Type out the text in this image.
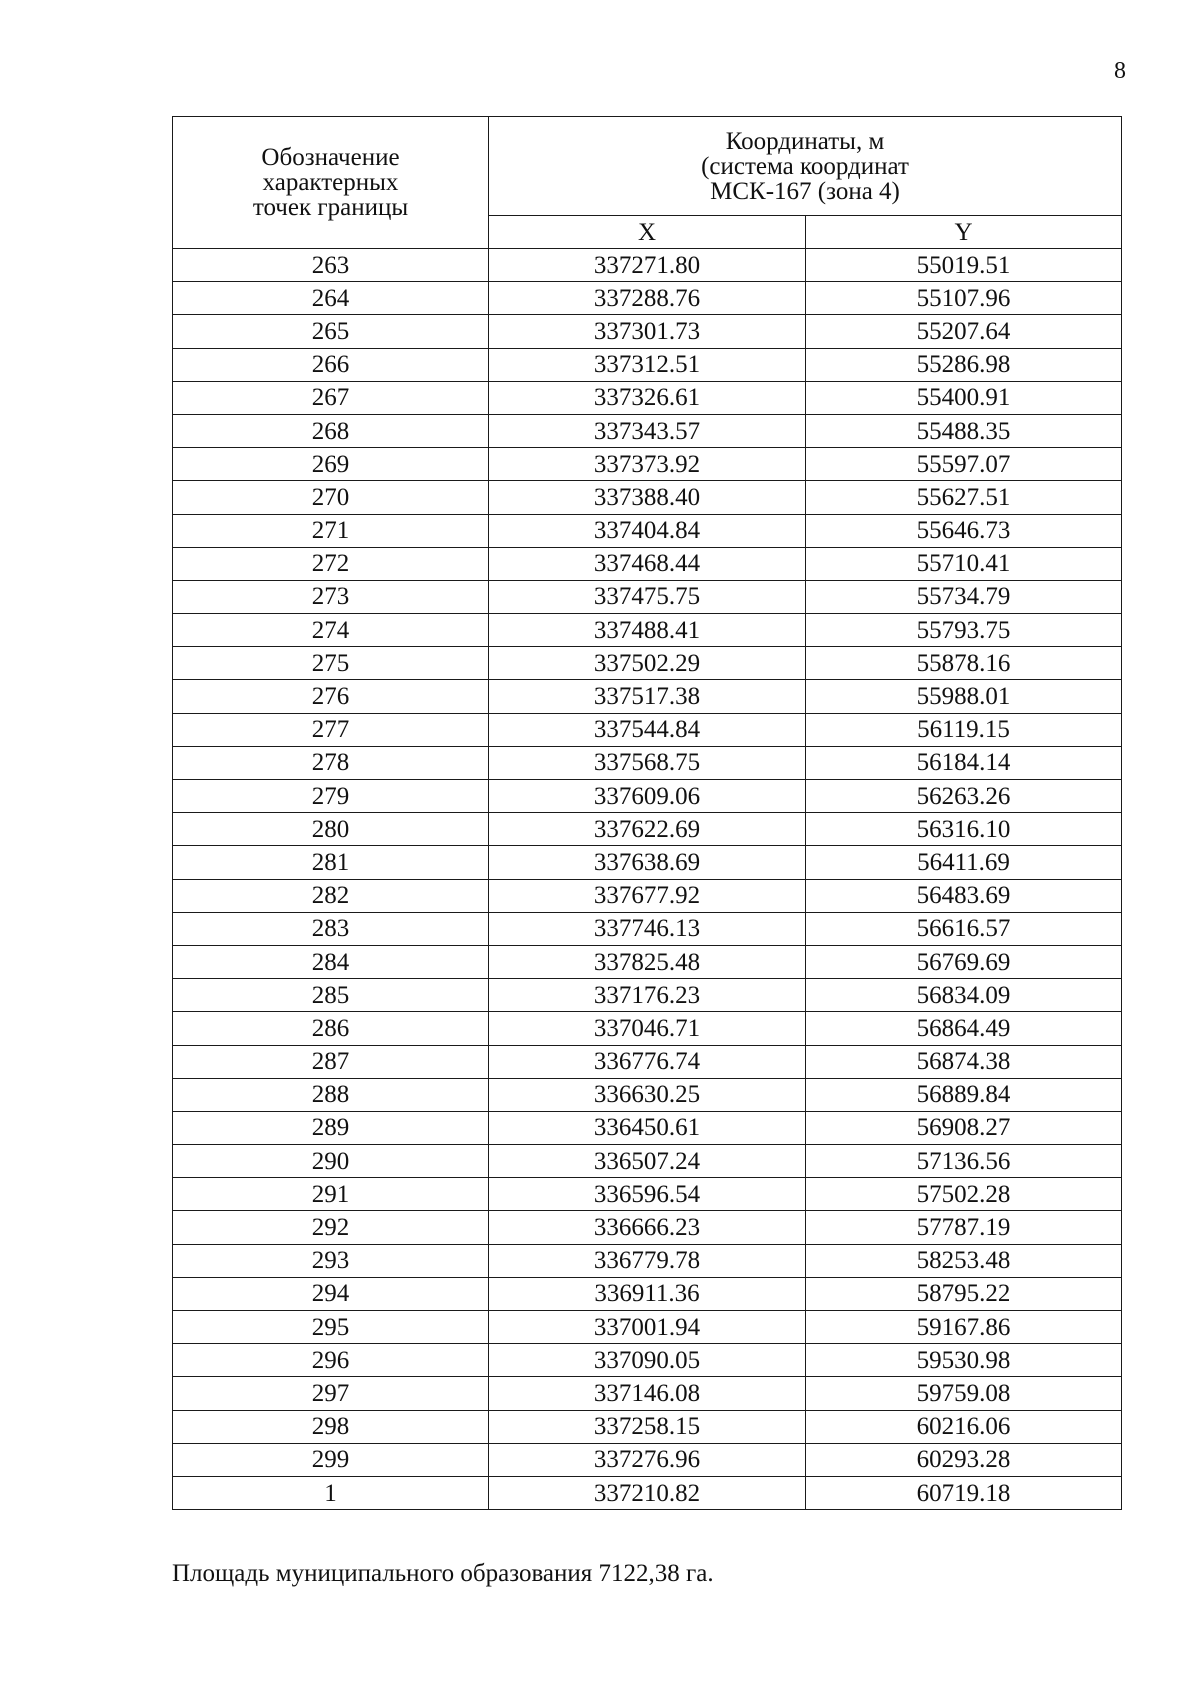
8
Обозначение
характерных
точек границы	Координаты, м
(система координат
МСК-167 (зона 4)	

	X	Y
263	337271.80	55019.51
264	337288.76	55107.96
265	337301.73	55207.64
266	337312.51	55286.98
267	337326.61	55400.91
268	337343.57	55488.35
269	337373.92	55597.07
270	337388.40	55627.51
271	337404.84	55646.73
272	337468.44	55710.41
273	337475.75	55734.79
274	337488.41	55793.75
275	337502.29	55878.16
276	337517.38	55988.01
277	337544.84	56119.15
278	337568.75	56184.14
279	337609.06	56263.26
280	337622.69	56316.10
281	337638.69	56411.69
282	337677.92	56483.69
283	337746.13	56616.57
284	337825.48	56769.69
285	337176.23	56834.09
286	337046.71	56864.49
287	336776.74	56874.38
288	336630.25	56889.84
289	336450.61	56908.27
290	336507.24	57136.56
291	336596.54	57502.28
292	336666.23	57787.19
293	336779.78	58253.48
294	336911.36	58795.22
295	337001.94	59167.86
296	337090.05	59530.98
297	337146.08	59759.08
298	337258.15	60216.06
299	337276.96	60293.28
1	337210.82	60719.18
Площадь муниципального образования 7122,38 га.
